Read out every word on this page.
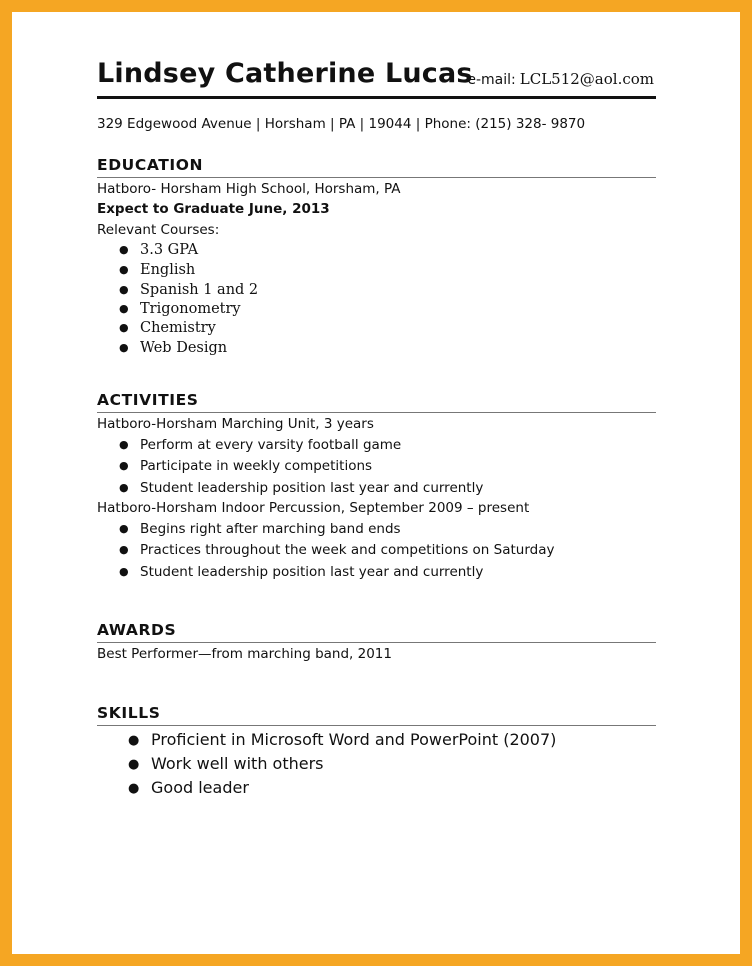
Lindsey Catherine Lucas
e-mail: LCL512@aol.com
329 Edgewood Avenue | Horsham | PA | 19044 | Phone: (215) 328- 9870
EDUCATION
Hatboro- Horsham High School, Horsham, PA
Expect to Graduate June, 2013
Relevant Courses:
● 3.3 GPA
● English
● Spanish 1 and 2
● Trigonometry
● Chemistry
● Web Design
ACTIVITIES
Hatboro-Horsham Marching Unit, 3 years
● Perform at every varsity football game
● Participate in weekly competitions
● Student leadership position last year and currently
Hatboro-Horsham Indoor Percussion, September 2009 – present
● Begins right after marching band ends
● Practices throughout the week and competitions on Saturday
● Student leadership position last year and currently
AWARDS
Best Performer—from marching band, 2011
SKILLS
● Proficient in Microsoft Word and PowerPoint (2007)
● Work well with others
● Good leader
